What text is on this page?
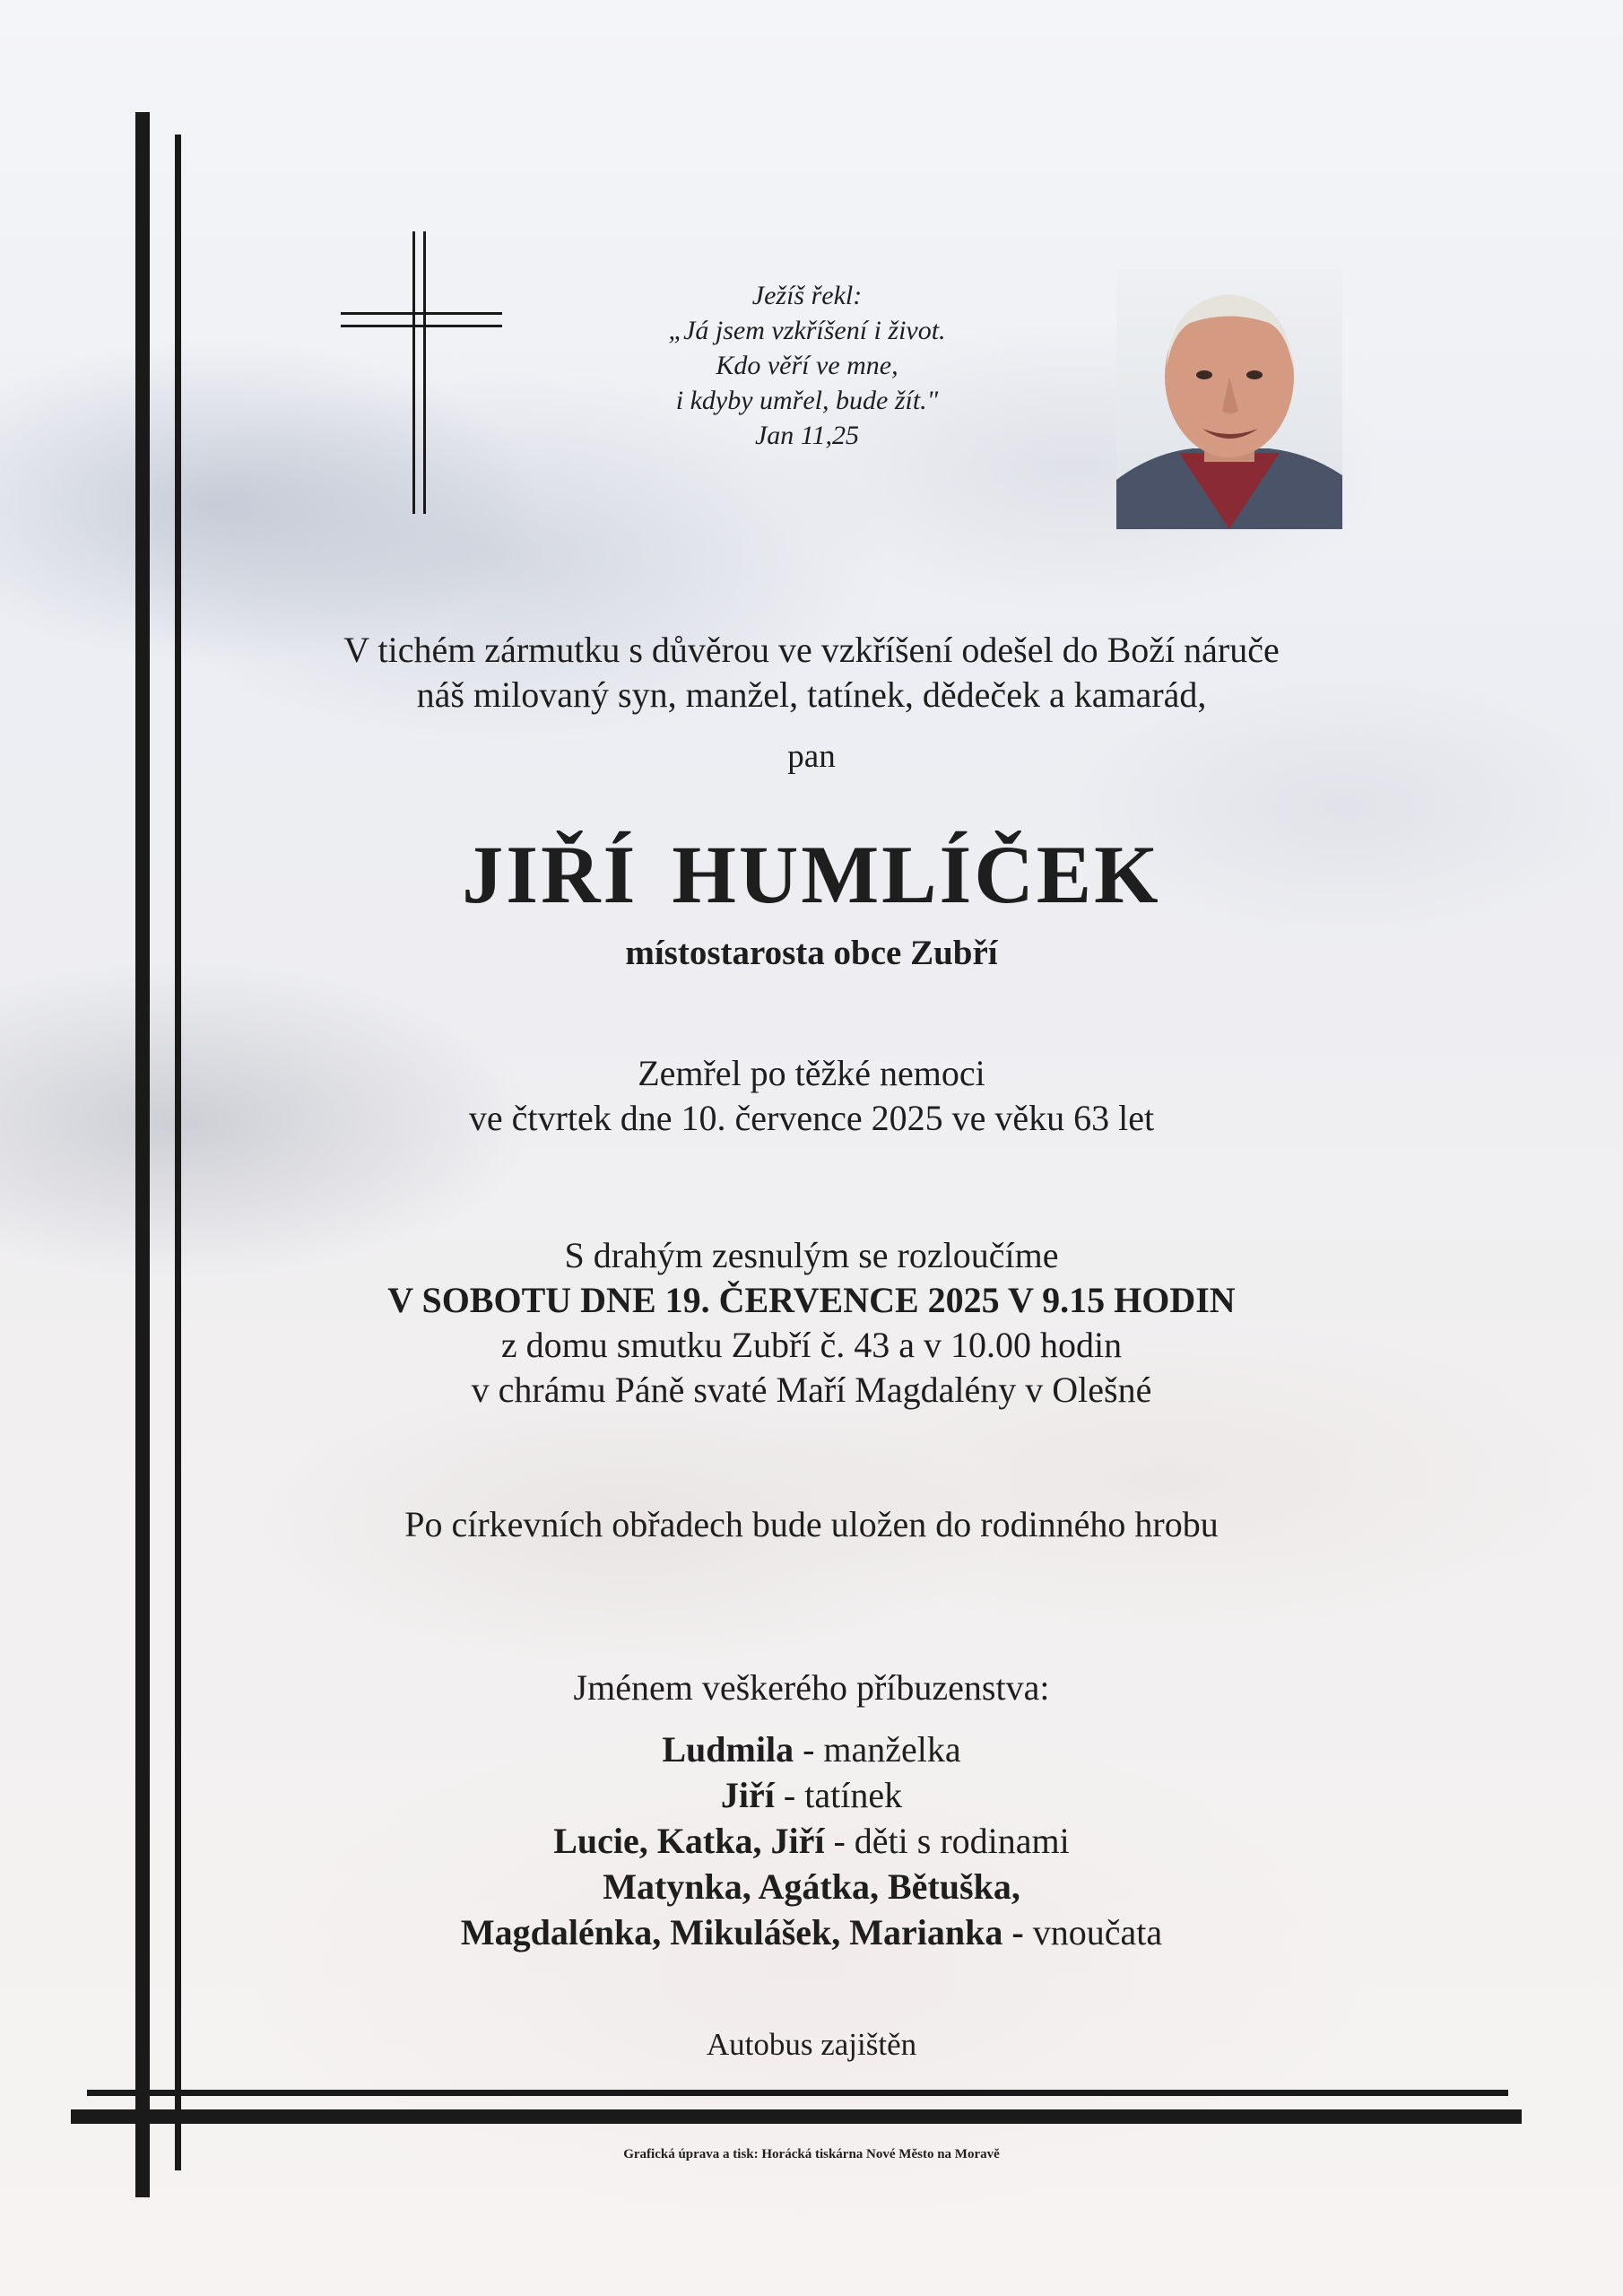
Ježíš řekl:
„Já jsem vzkříšení i život.
Kdo věří ve mne,
i kdyby umřel, bude žít."
Jan 11,25
V tichém zármutku s důvěrou ve vzkříšení odešel do Boží náruče
náš milovaný syn, manžel, tatínek, dědeček a kamarád,
pan
JIŘÍ HUMLÍČEK
místostarosta obce Zubří
Zemřel po těžké nemoci
ve čtvrtek dne 10. července 2025 ve věku 63 let
S drahým zesnulým se rozloučíme
V SOBOTU DNE 19. ČERVENCE 2025 V 9.15 HODIN
z domu smutku Zubří č. 43 a v 10.00 hodin
v chrámu Páně svaté Maří Magdalény v Olešné
Po církevních obřadech bude uložen do rodinného hrobu
Jménem veškerého příbuzenstva:
Ludmila - manželka
Jiří - tatínek
Lucie, Katka, Jiří - děti s rodinami
Matynka, Agátka, Bětuška,
Magdalénka, Mikulášek, Marianka - vnoučata
Autobus zajištěn
Grafická úprava a tisk: Horácká tiskárna Nové Město na Moravě
